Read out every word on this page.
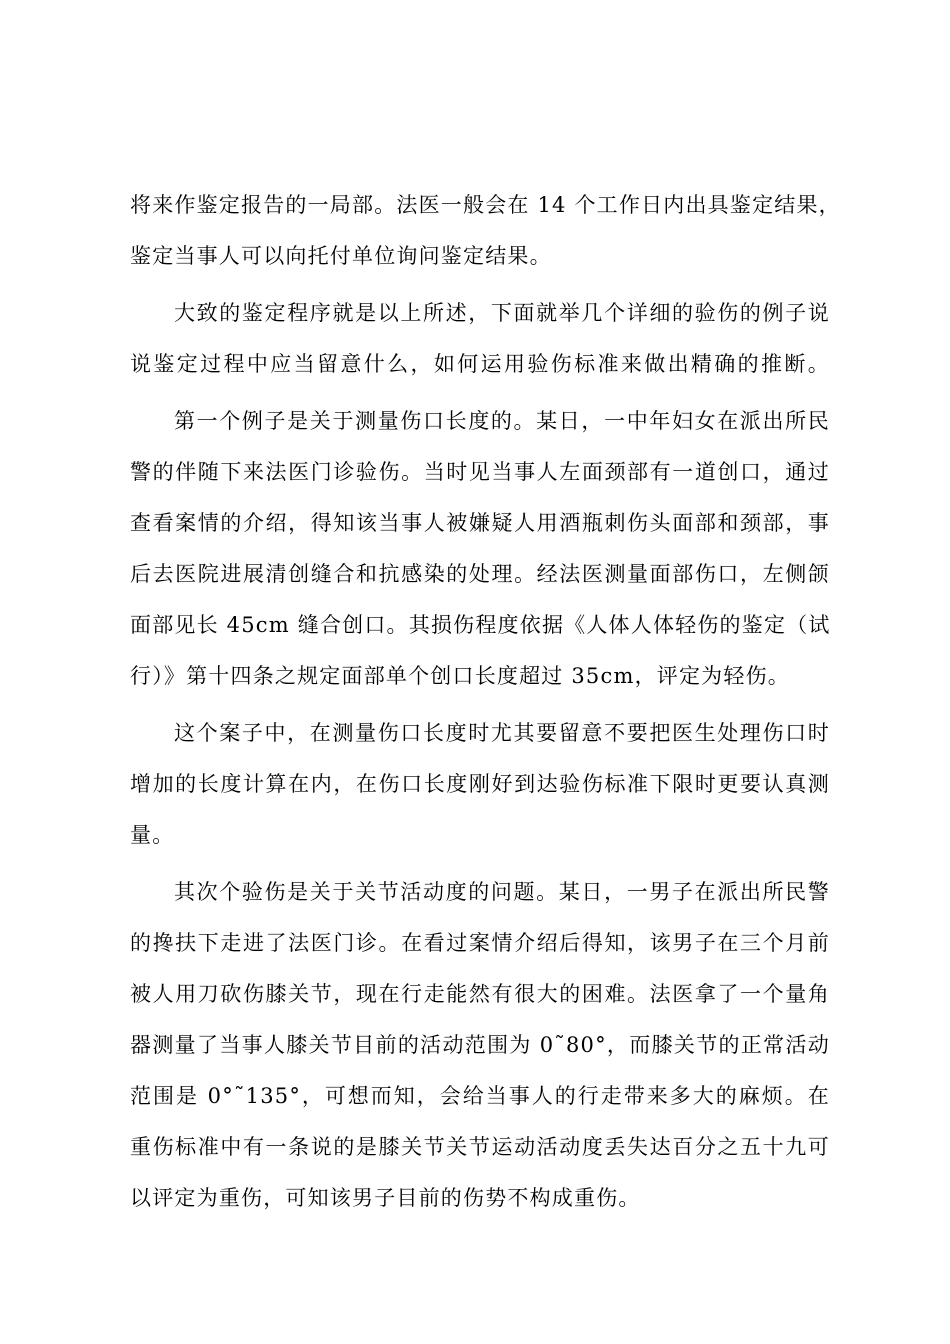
将来作鉴定报告的一局部。法医一般会在 14 个工作日内出具鉴定结果，
鉴定当事人可以向托付单位询问鉴定结果。
大致的鉴定程序就是以上所述，下面就举几个详细的验伤的例子说
说鉴定过程中应当留意什么，如何运用验伤标准来做出精确的推断。
第一个例子是关于测量伤口长度的。某日，一中年妇女在派出所民
警的伴随下来法医门诊验伤。当时见当事人左面颈部有一道创口，通过
查看案情的介绍，得知该当事人被嫌疑人用酒瓶刺伤头面部和颈部，事
后去医院进展清创缝合和抗感染的处理。经法医测量面部伤口，左侧颌
面部见长 45cm 缝合创口。其损伤程度依据《人体人体轻伤的鉴定（试
行）》第十四条之规定面部单个创口长度超过 35cm，评定为轻伤。
这个案子中，在测量伤口长度时尤其要留意不要把医生处理伤口时
增加的长度计算在内，在伤口长度刚好到达验伤标准下限时更要认真测
量。
其次个验伤是关于关节活动度的问题。某日，一男子在派出所民警
的搀扶下走进了法医门诊。在看过案情介绍后得知，该男子在三个月前
被人用刀砍伤膝关节，现在行走能然有很大的困难。法医拿了一个量角
器测量了当事人膝关节目前的活动范围为 0˜80°，而膝关节的正常活动
范围是 0°˜135°，可想而知，会给当事人的行走带来多大的麻烦。在
重伤标准中有一条说的是膝关节关节运动活动度丢失达百分之五十九可
以评定为重伤，可知该男子目前的伤势不构成重伤。
